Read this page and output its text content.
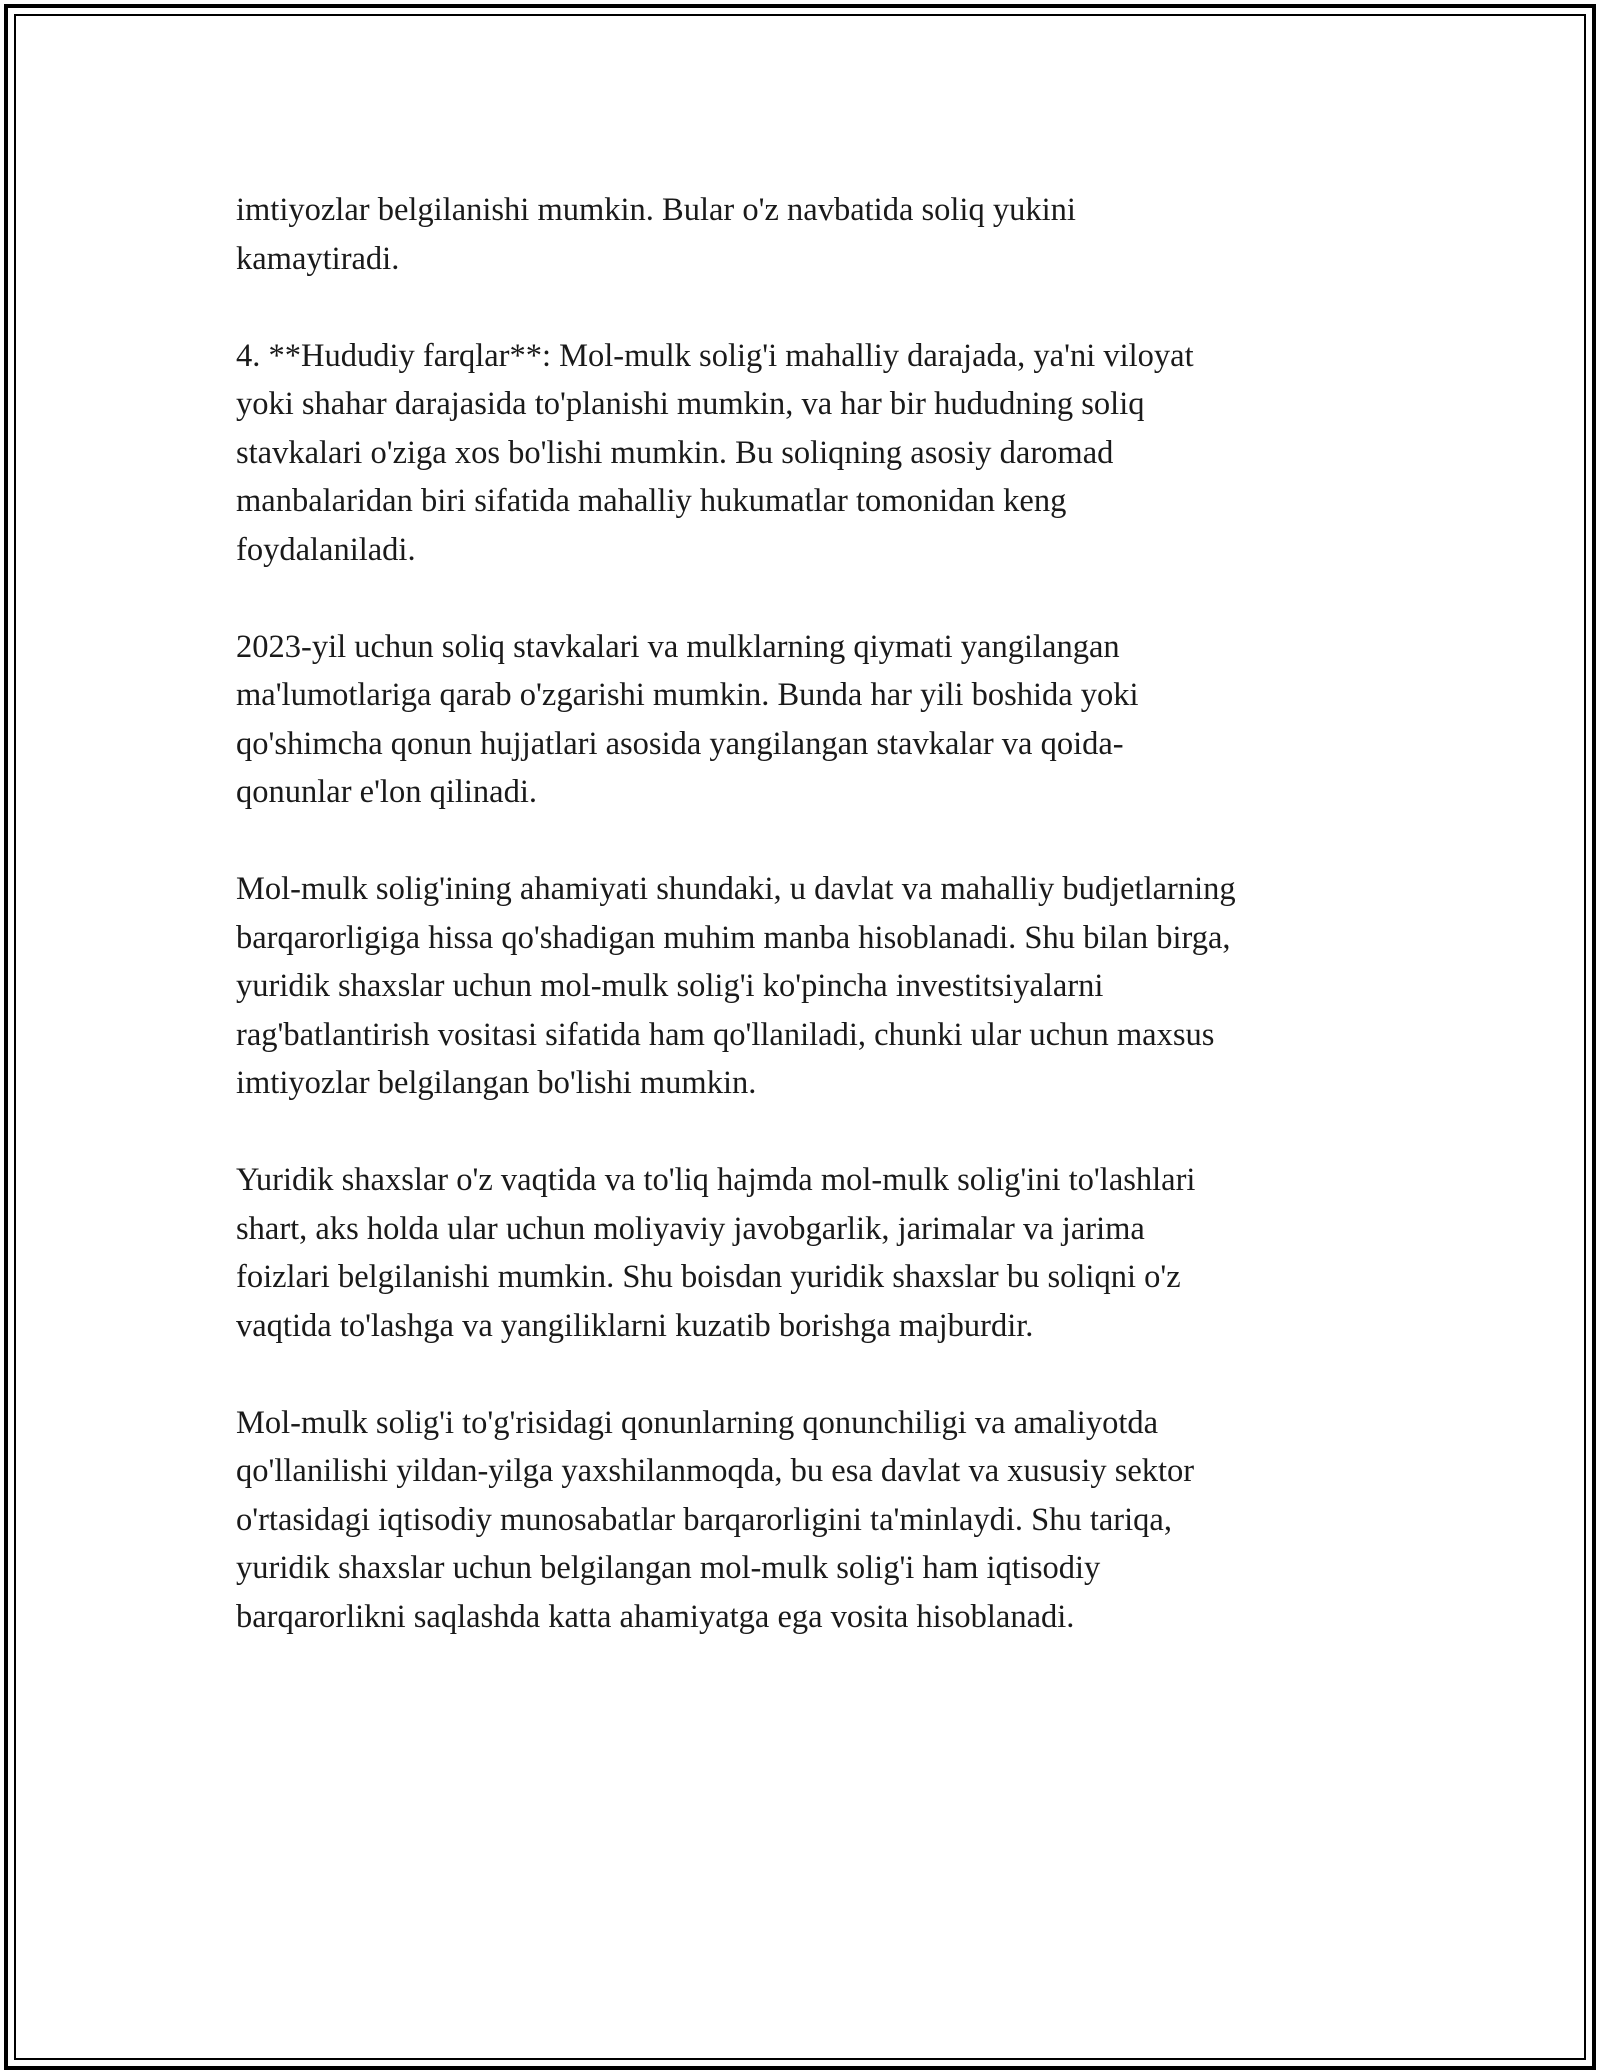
imtiyozlar belgilanishi mumkin. Bular o'z navbatida soliq yukini
kamaytiradi.

4. **Hududiy farqlar**: Mol-mulk solig'i mahalliy darajada, ya'ni viloyat
yoki shahar darajasida to'planishi mumkin, va har bir hududning soliq
stavkalari o'ziga xos bo'lishi mumkin. Bu soliqning asosiy daromad
manbalaridan biri sifatida mahalliy hukumatlar tomonidan keng
foydalaniladi.

2023-yil uchun soliq stavkalari va mulklarning qiymati yangilangan
ma'lumotlariga qarab o'zgarishi mumkin. Bunda har yili boshida yoki
qo'shimcha qonun hujjatlari asosida yangilangan stavkalar va qoida-
qonunlar e'lon qilinadi.

Mol-mulk solig'ining ahamiyati shundaki, u davlat va mahalliy budjetlarning
barqarorligiga hissa qo'shadigan muhim manba hisoblanadi. Shu bilan birga,
yuridik shaxslar uchun mol-mulk solig'i ko'pincha investitsiyalarni
rag'batlantirish vositasi sifatida ham qo'llaniladi, chunki ular uchun maxsus
imtiyozlar belgilangan bo'lishi mumkin.

Yuridik shaxslar o'z vaqtida va to'liq hajmda mol-mulk solig'ini to'lashlari
shart, aks holda ular uchun moliyaviy javobgarlik, jarimalar va jarima
foizlari belgilanishi mumkin. Shu boisdan yuridik shaxslar bu soliqni o'z
vaqtida to'lashga va yangiliklarni kuzatib borishga majburdir.

Mol-mulk solig'i to'g'risidagi qonunlarning qonunchiligi va amaliyotda
qo'llanilishi yildan-yilga yaxshilanmoqda, bu esa davlat va xususiy sektor
o'rtasidagi iqtisodiy munosabatlar barqarorligini ta'minlaydi. Shu tariqa,
yuridik shaxslar uchun belgilangan mol-mulk solig'i ham iqtisodiy
barqarorlikni saqlashda katta ahamiyatga ega vosita hisoblanadi.
